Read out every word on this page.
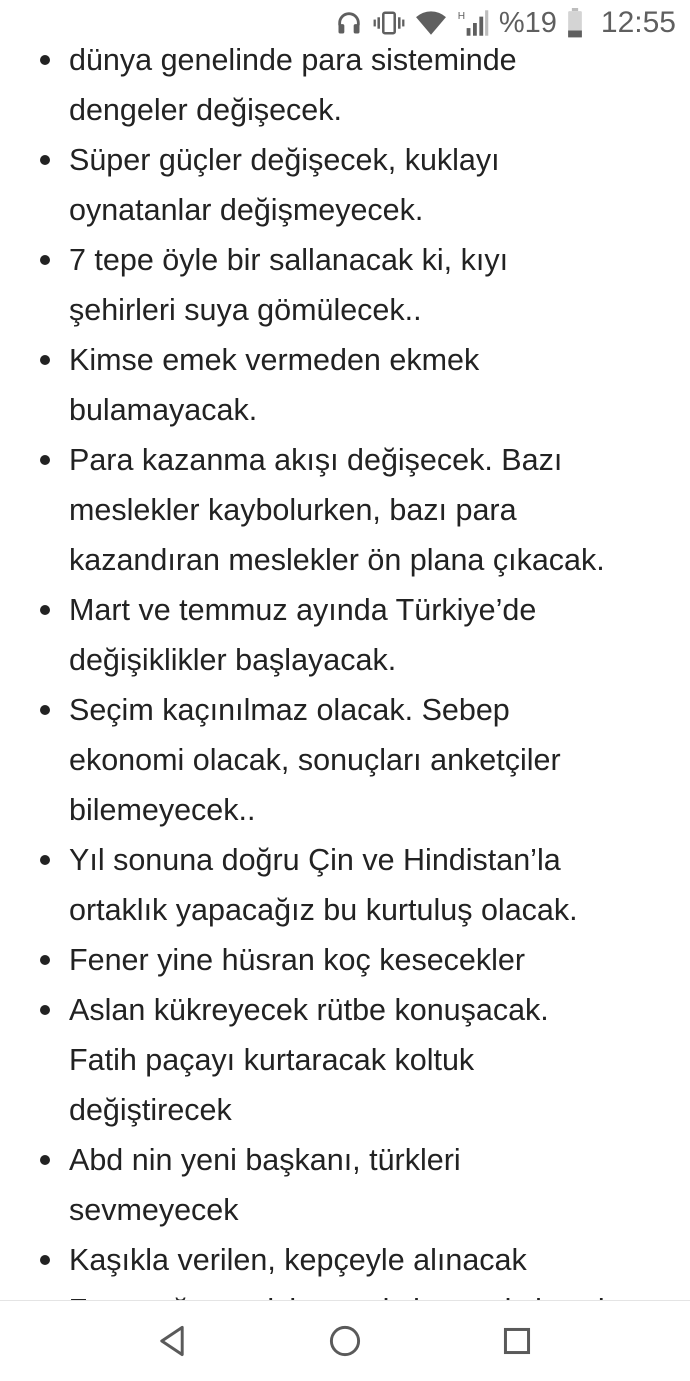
H %19 12:55
dünya genelinde para sisteminde
dengeler değişecek.
Süper güçler değişecek, kuklayı
oynatanlar değişmeyecek.
7 tepe öyle bir sallanacak ki, kıyı
şehirleri suya gömülecek..
Kimse emek vermeden ekmek
bulamayacak.
Para kazanma akışı değişecek. Bazı
meslekler kaybolurken, bazı para
kazandıran meslekler ön plana çıkacak.
Mart ve temmuz ayında Türkiye’de
değişiklikler başlayacak.
Seçim kaçınılmaz olacak. Sebep
ekonomi olacak, sonuçları anketçiler
bilemeyecek..
Yıl sonuna doğru Çin ve Hindistan’la
ortaklık yapacağız bu kurtuluş olacak.
Fener yine hüsran koç kesecekler
Aslan kükreyecek rütbe konuşacak.
Fatih paçayı kurtaracak koltuk
değiştirecek
Abd nin yeni başkanı, türkleri
sevmeyecek
Kaşıkla verilen, kepçeyle alınacak
